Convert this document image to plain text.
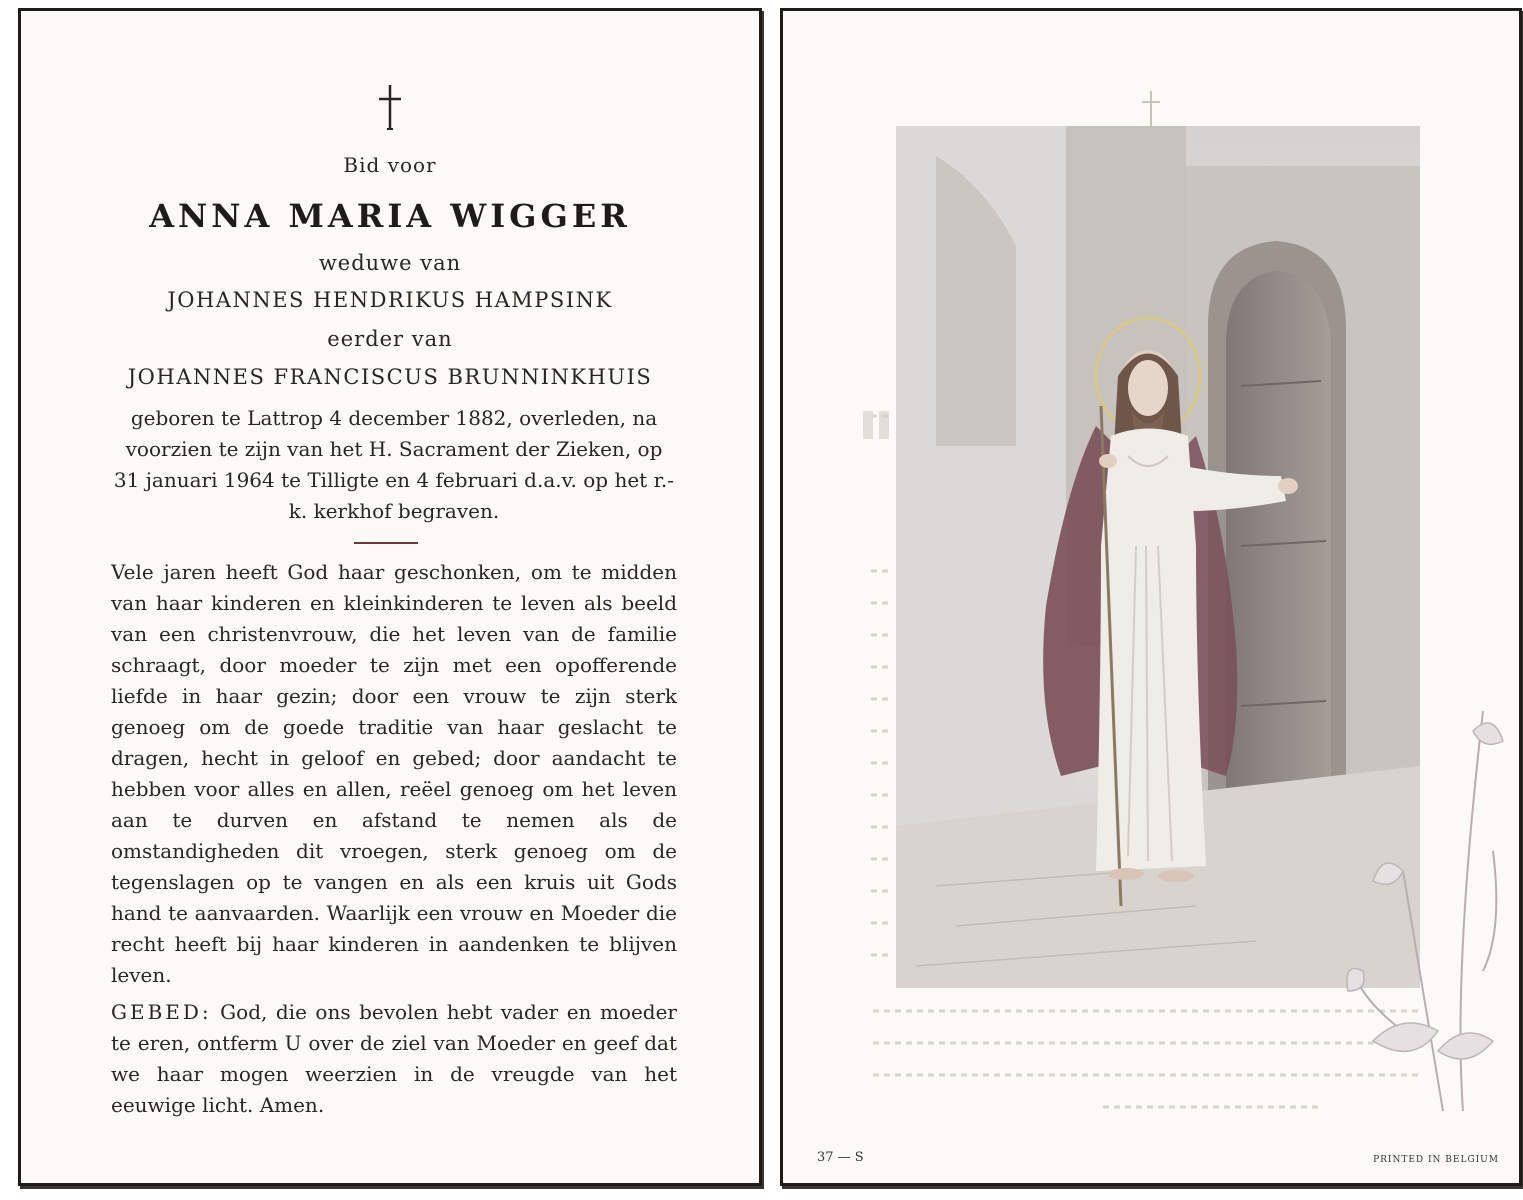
Bid voor
ANNA MARIA WIGGER
weduwe van
JOHANNES HENDRIKUS HAMPSINK
eerder van
JOHANNES FRANCISCUS BRUNNINKHUIS
geboren te Lattrop 4 december 1882, overleden, na voorzien te zijn van het H. Sacrament der Zieken, op 31 januari 1964 te Tilligte en 4 februari d.a.v. op het r.-k. kerkhof begraven.
Vele jaren heeft God haar geschonken, om te midden van haar kinderen en kleinkinderen te leven als beeld van een christenvrouw, die het leven van de familie schraagt, door moeder te zijn met een opofferende liefde in haar gezin; door een vrouw te zijn sterk genoeg om de goede traditie van haar geslacht te dragen, hecht in geloof en gebed; door aandacht te hebben voor alles en allen, reëel genoeg om het leven aan te durven en afstand te nemen als de omstandigheden dit vroegen, sterk genoeg om de tegenslagen op te vangen en als een kruis uit Gods hand te aanvaarden. Waarlijk een vrouw en Moeder die recht heeft bij haar kinderen in aandenken te blijven leven.
GEBED: God, die ons bevolen hebt vader en moeder te eren, ontferm U over de ziel van Moeder en geef dat we haar mogen weerzien in de vreugde van het eeuwige licht. Amen.
37 — S	PRINTED IN BELGIUM
